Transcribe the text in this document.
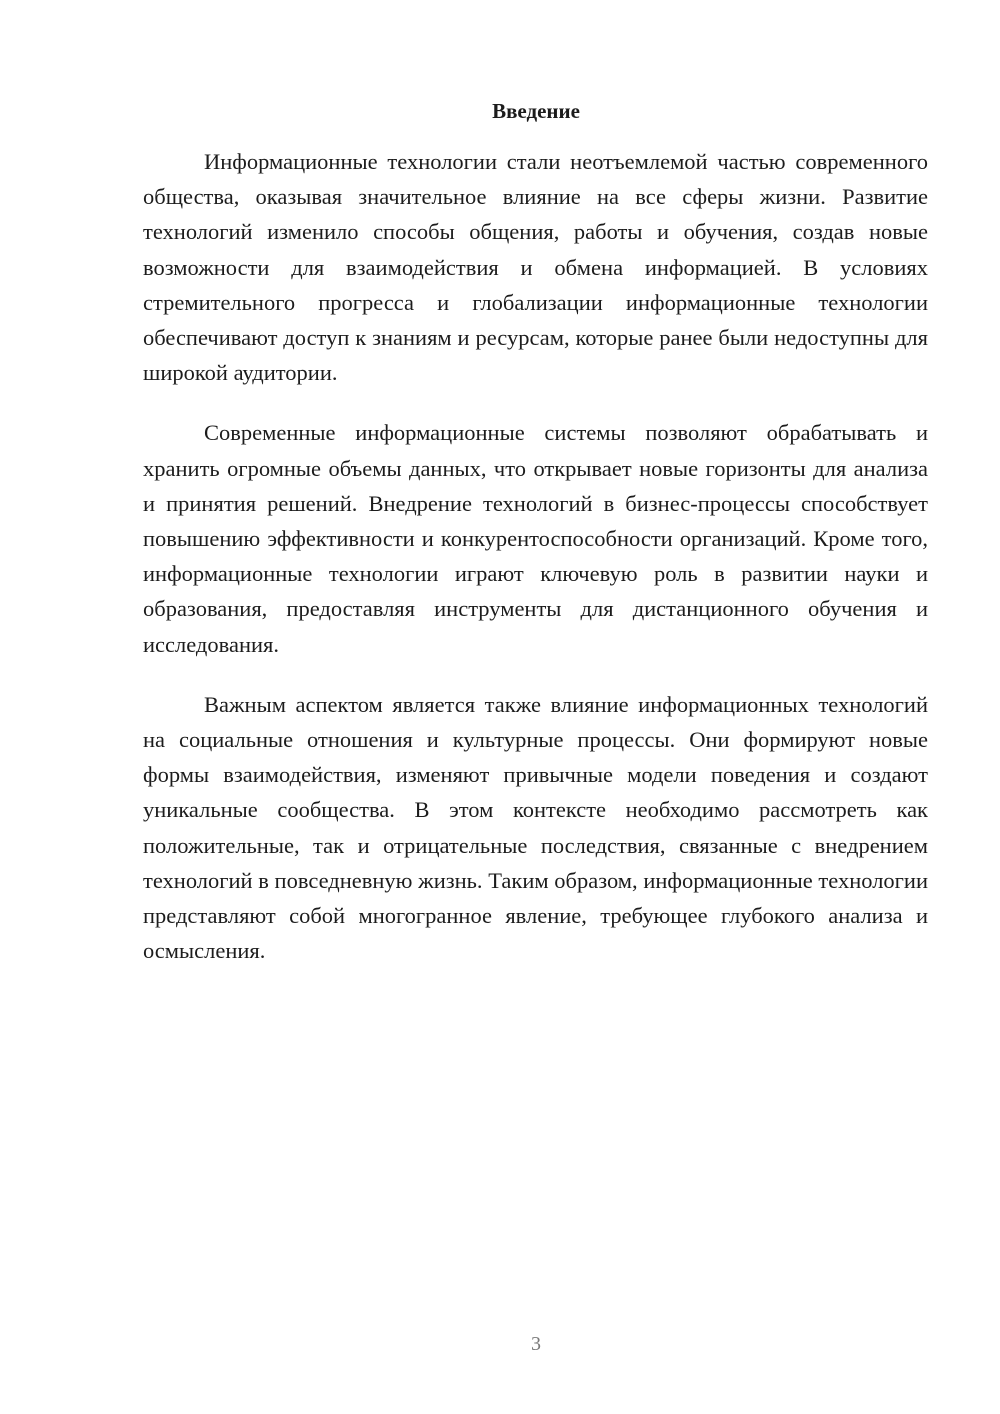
Введение

Информационные технологии стали неотъемлемой частью современного общества, оказывая значительное влияние на все сферы жизни. Развитие технологий изменило способы общения, работы и обучения, создав новые возможности для взаимодействия и обмена информацией. В условиях стремительного прогресса и глобализации информационные технологии обеспечивают доступ к знаниям и ресурсам, которые ранее были недоступны для широкой аудитории.

Современные информационные системы позволяют обрабатывать и хранить огромные объемы данных, что открывает новые горизонты для анализа и принятия решений. Внедрение технологий в бизнес-процессы способствует повышению эффективности и конкурентоспособности организаций. Кроме того, информационные технологии играют ключевую роль в развитии науки и образования, предоставляя инструменты для дистанционного обучения и исследования.

Важным аспектом является также влияние информационных технологий на социальные отношения и культурные процессы. Они формируют новые формы взаимодействия, изменяют привычные модели поведения и создают уникальные сообщества. В этом контексте необходимо рассмотреть как положительные, так и отрицательные последствия, связанные с внедрением технологий в повседневную жизнь. Таким образом, информационные технологии представляют собой многогранное явление, требующее глубокого анализа и осмысления.

3
